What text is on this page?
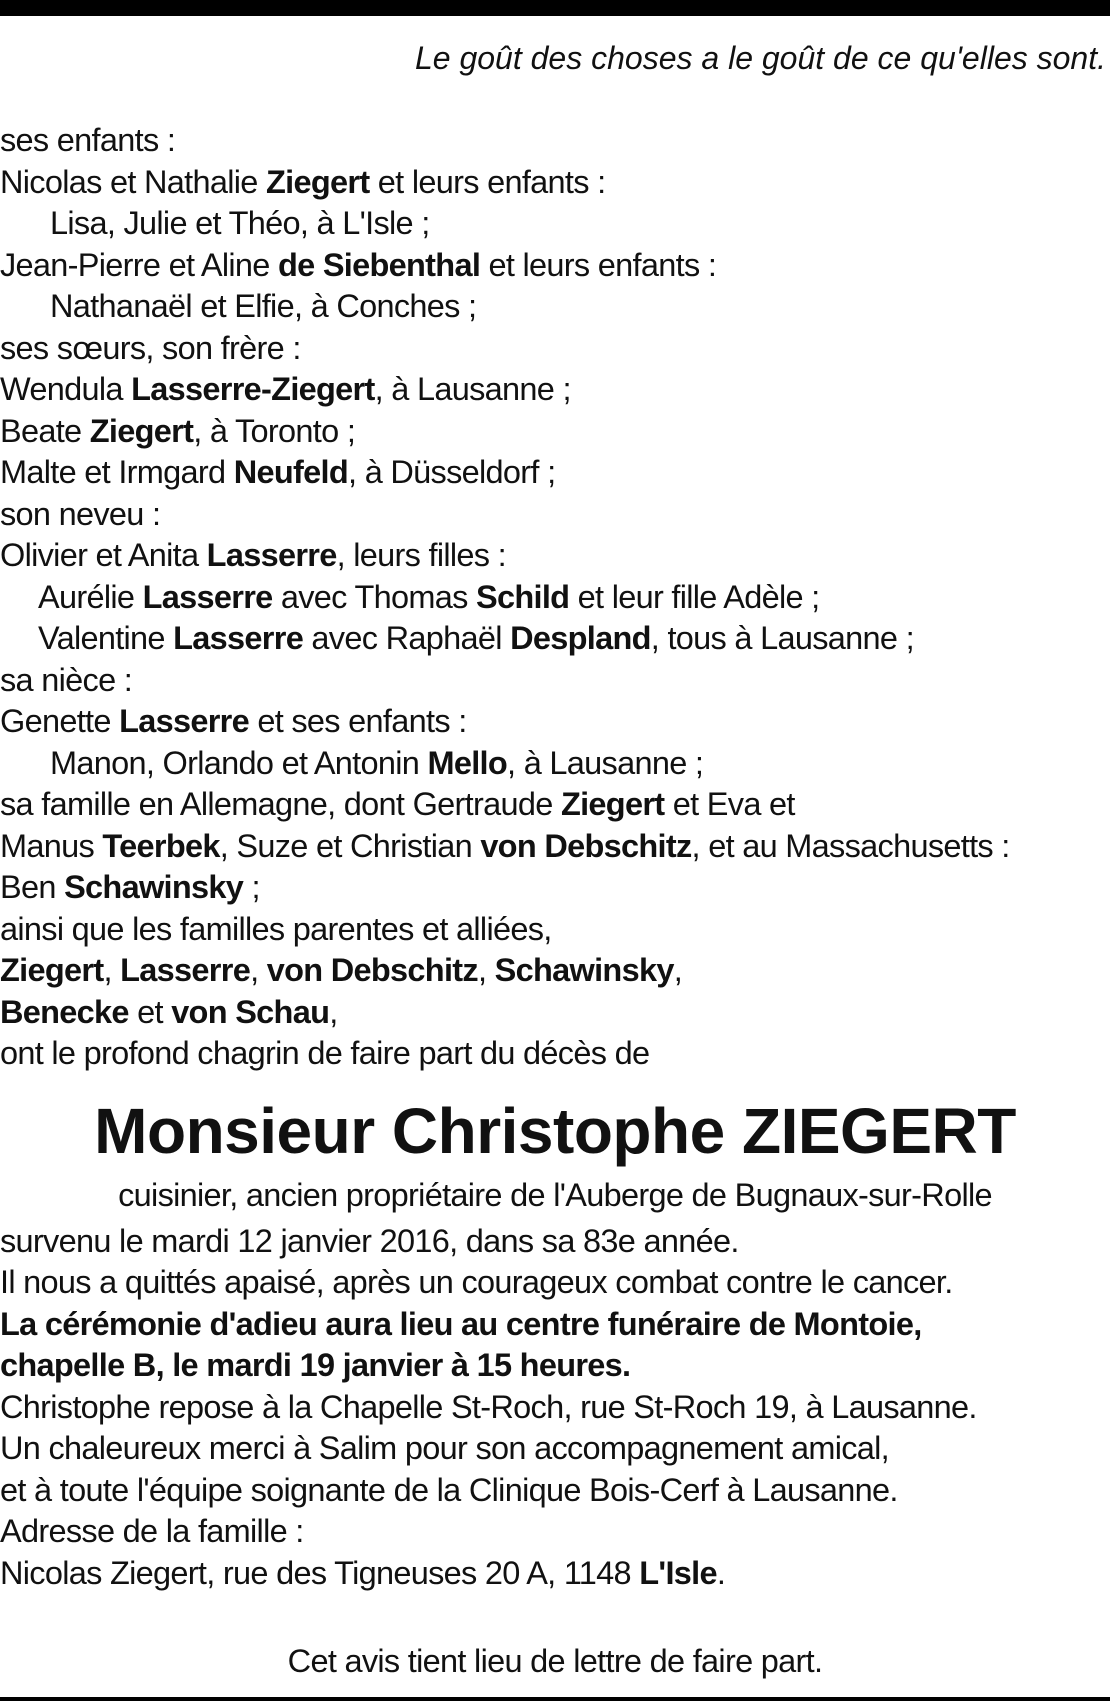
Le goût des choses a le goût de ce qu'elles sont.
ses enfants :
Nicolas et Nathalie Ziegert et leurs enfants :
Lisa, Julie et Théo, à L'Isle ;
Jean-Pierre et Aline de Siebenthal et leurs enfants :
Nathanaël et Elfie, à Conches ;
ses sœurs, son frère :
Wendula Lasserre-Ziegert, à Lausanne ;
Beate Ziegert, à Toronto ;
Malte et Irmgard Neufeld, à Düsseldorf ;
son neveu :
Olivier et Anita Lasserre, leurs filles :
Aurélie Lasserre avec Thomas Schild et leur fille Adèle ;
Valentine Lasserre avec Raphaël Despland, tous à Lausanne ;
sa nièce :
Genette Lasserre et ses enfants :
Manon, Orlando et Antonin Mello, à Lausanne ;
sa famille en Allemagne, dont Gertraude Ziegert et Eva et
Manus Teerbek, Suze et Christian von Debschitz, et au Massachusetts :
Ben Schawinsky ;
ainsi que les familles parentes et alliées,
Ziegert, Lasserre, von Debschitz, Schawinsky,
Benecke et von Schau,
ont le profond chagrin de faire part du décès de
Monsieur Christophe ZIEGERT
cuisinier, ancien propriétaire de l'Auberge de Bugnaux-sur-Rolle
survenu le mardi 12 janvier 2016, dans sa 83e année.
Il nous a quittés apaisé, après un courageux combat contre le cancer.
La cérémonie d'adieu aura lieu au centre funéraire de Montoie,
chapelle B, le mardi 19 janvier à 15 heures.
Christophe repose à la Chapelle St-Roch, rue St-Roch 19, à Lausanne.
Un chaleureux merci à Salim pour son accompagnement amical,
et à toute l'équipe soignante de la Clinique Bois-Cerf à Lausanne.
Adresse de la famille :
Nicolas Ziegert, rue des Tigneuses 20 A, 1148 L'Isle.
Cet avis tient lieu de lettre de faire part.
